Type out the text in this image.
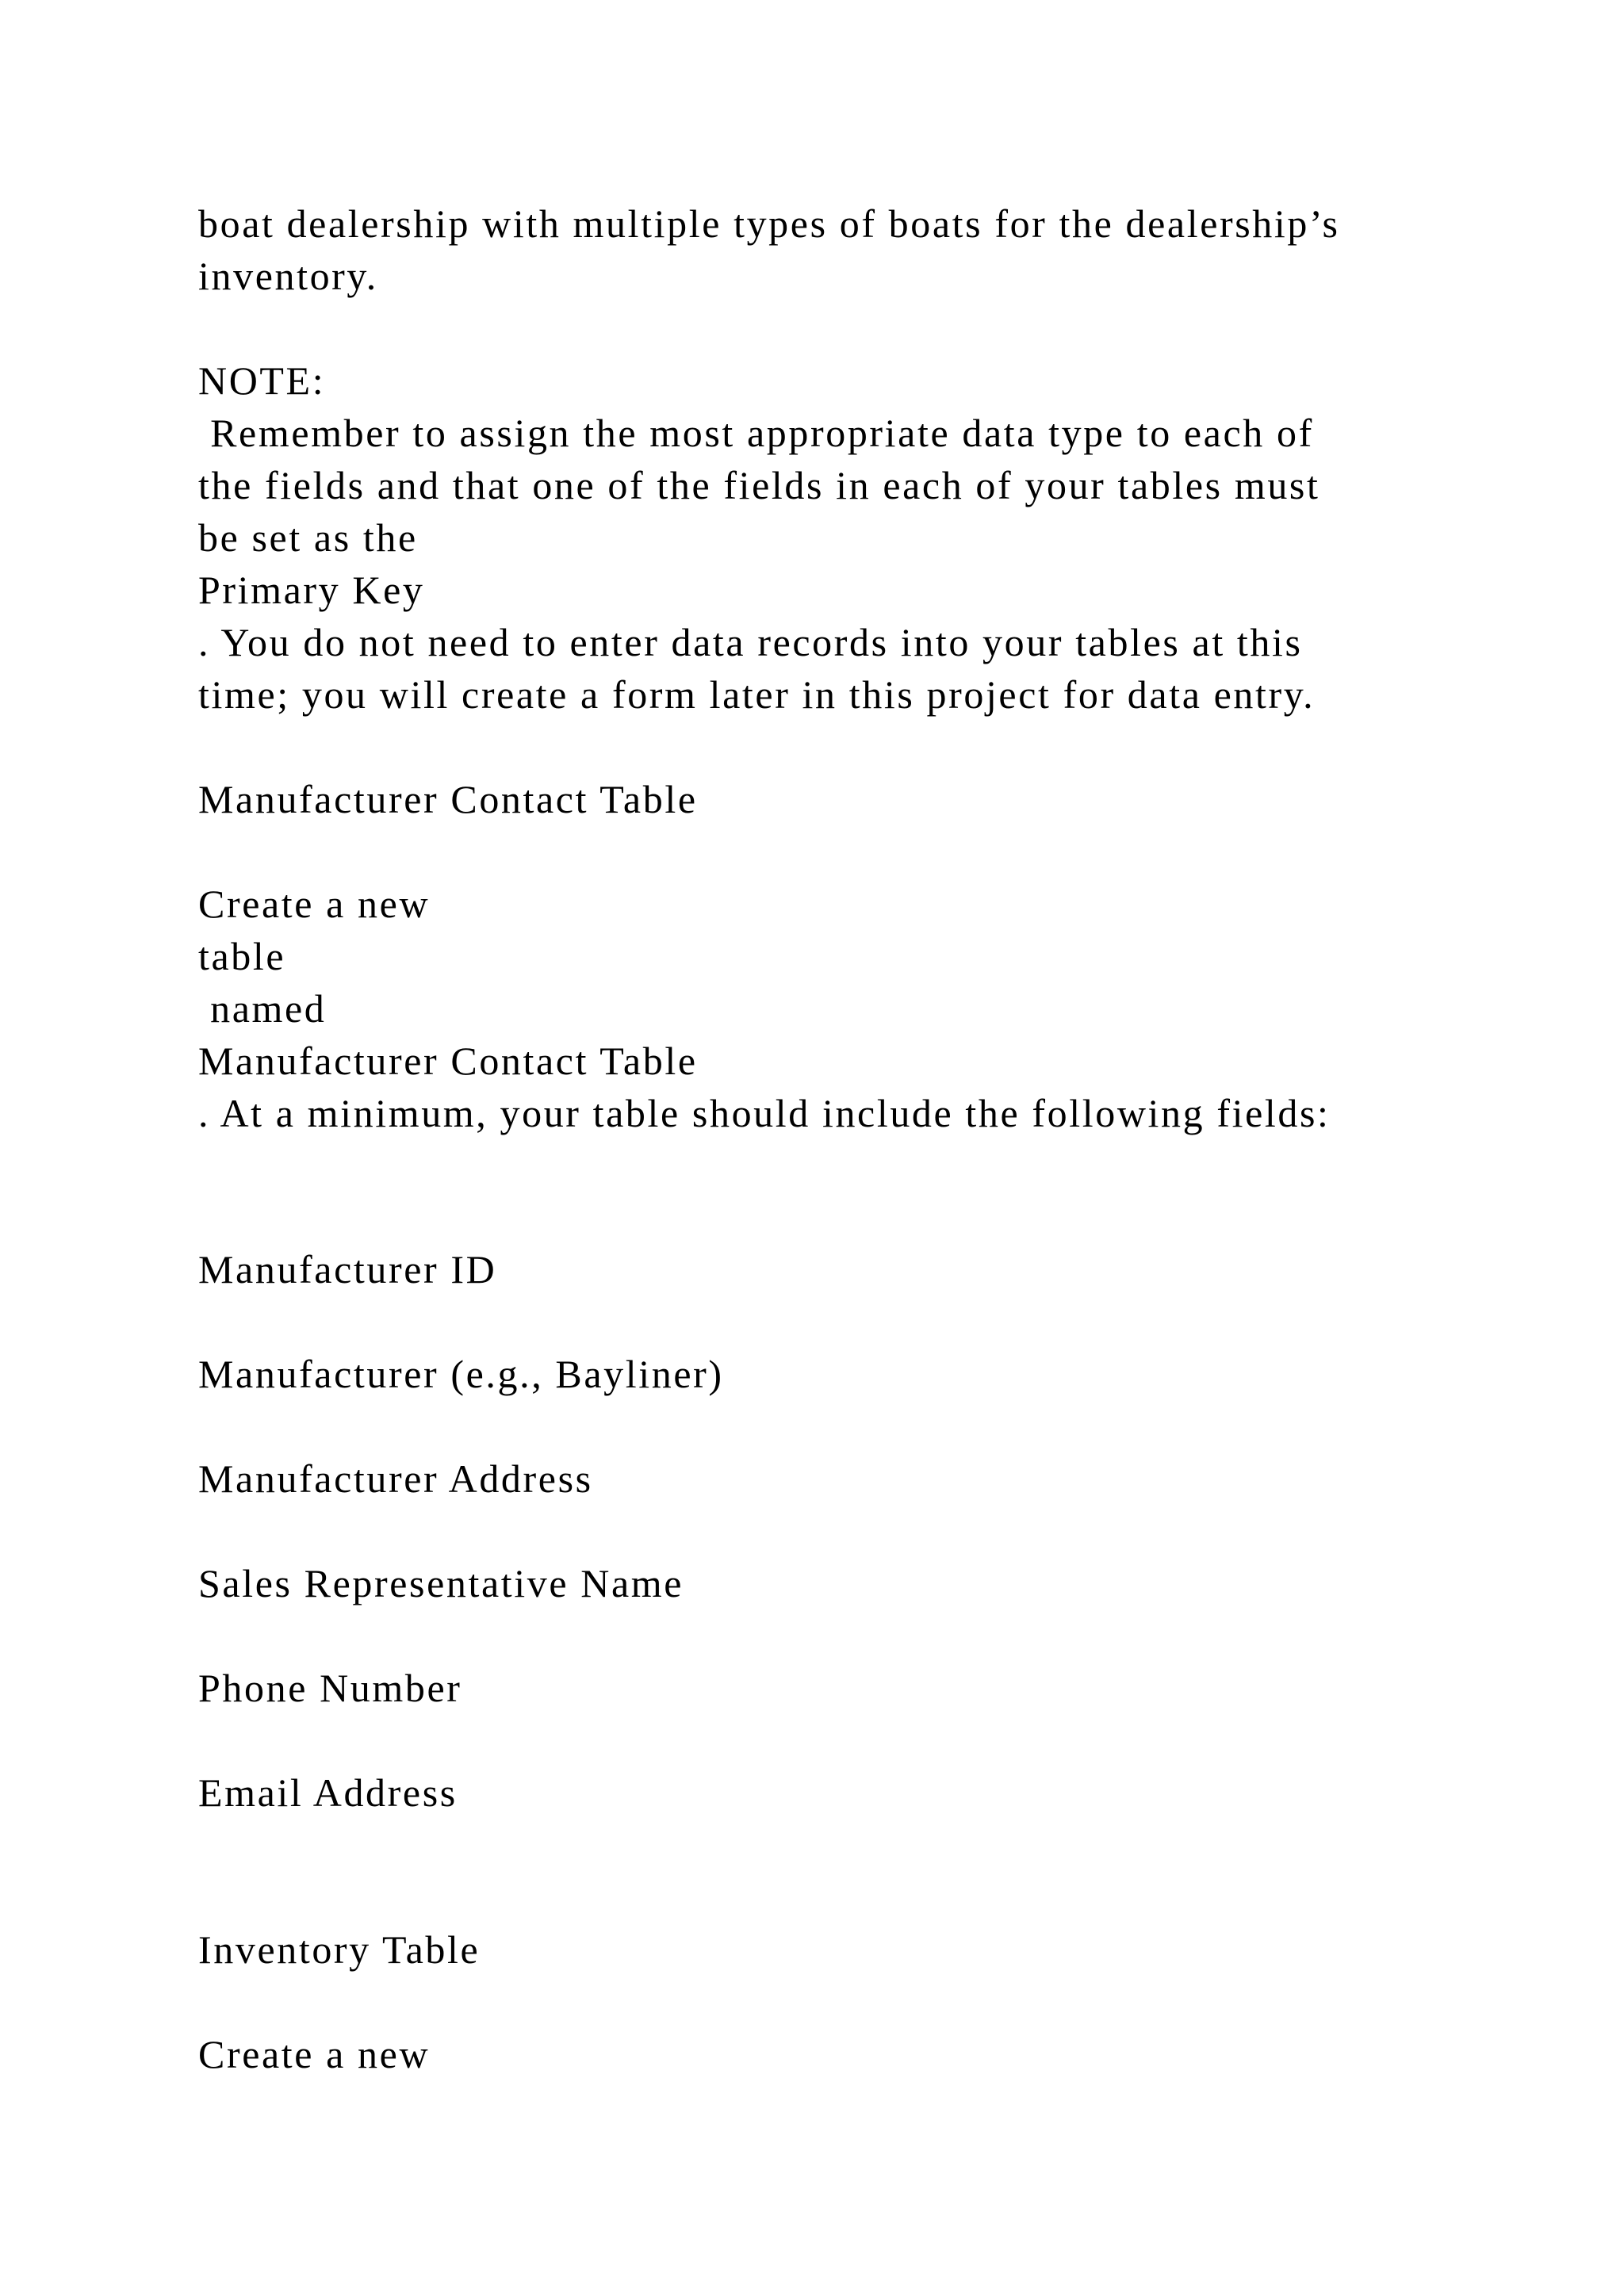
boat dealership with multiple types of boats for the dealership’s

inventory.

NOTE:

Remember to assign the most appropriate data type to each of

the fields and that one of the fields in each of your tables must

be set as the

Primary Key

. You do not need to enter data records into your tables at this

time; you will create a form later in this project for data entry.

Manufacturer Contact Table

Create a new

table

named

Manufacturer Contact Table

. At a minimum, your table should include the following fields:

Manufacturer ID

Manufacturer (e.g., Bayliner)

Manufacturer Address

Sales Representative Name

Phone Number

Email Address

Inventory Table

Create a new
